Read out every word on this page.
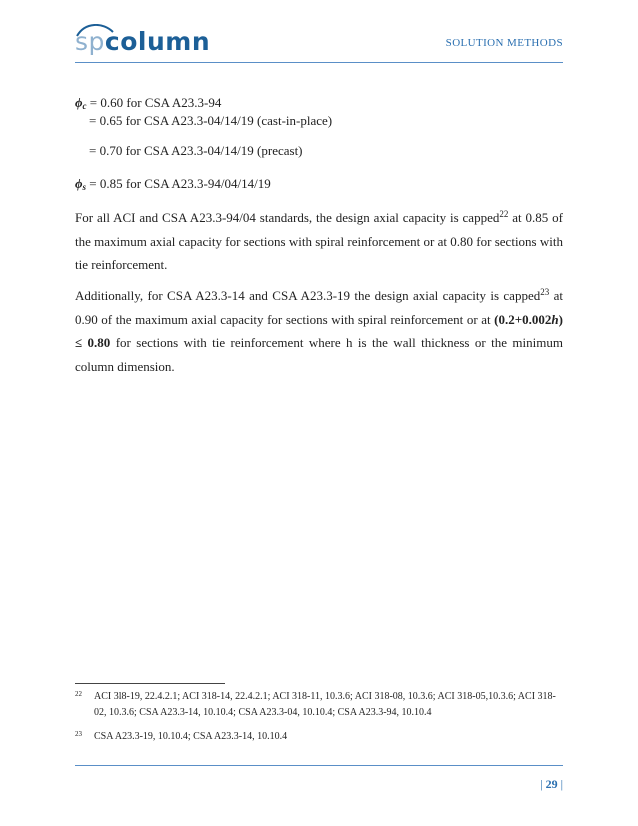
spcolumn	SOLUTION METHODS
$\phi_c = 0.60$ for CSA A23.3-94
= 0.65 for CSA A23.3-04/14/19 (cast-in-place)
= 0.70 for CSA A23.3-04/14/19 (precast)
$\phi_s = 0.85$ for CSA A23.3-94/04/14/19
For all ACI and CSA A23.3-94/04 standards, the design axial capacity is capped$^{22}$ at 0.85 of the maximum axial capacity for sections with spiral reinforcement or at 0.80 for sections with tie reinforcement.
Additionally, for CSA A23.3-14 and CSA A23.3-19 the design axial capacity is capped$^{23}$ at 0.90 of the maximum axial capacity for sections with spiral reinforcement or at (0.2+0.002h) ≤ 0.80 for sections with tie reinforcement where h is the wall thickness or the minimum column dimension.
22 ACI 3l8-19, 22.4.2.1; ACI 318-14, 22.4.2.1; ACI 318-11, 10.3.6; ACI 318-08, 10.3.6; ACI 318-05,10.3.6; ACI 318-02, 10.3.6; CSA A23.3-14, 10.10.4; CSA A23.3-04, 10.10.4; CSA A23.3-94, 10.10.4
23 CSA A23.3-19, 10.10.4; CSA A23.3-14, 10.10.4
| 29 |
